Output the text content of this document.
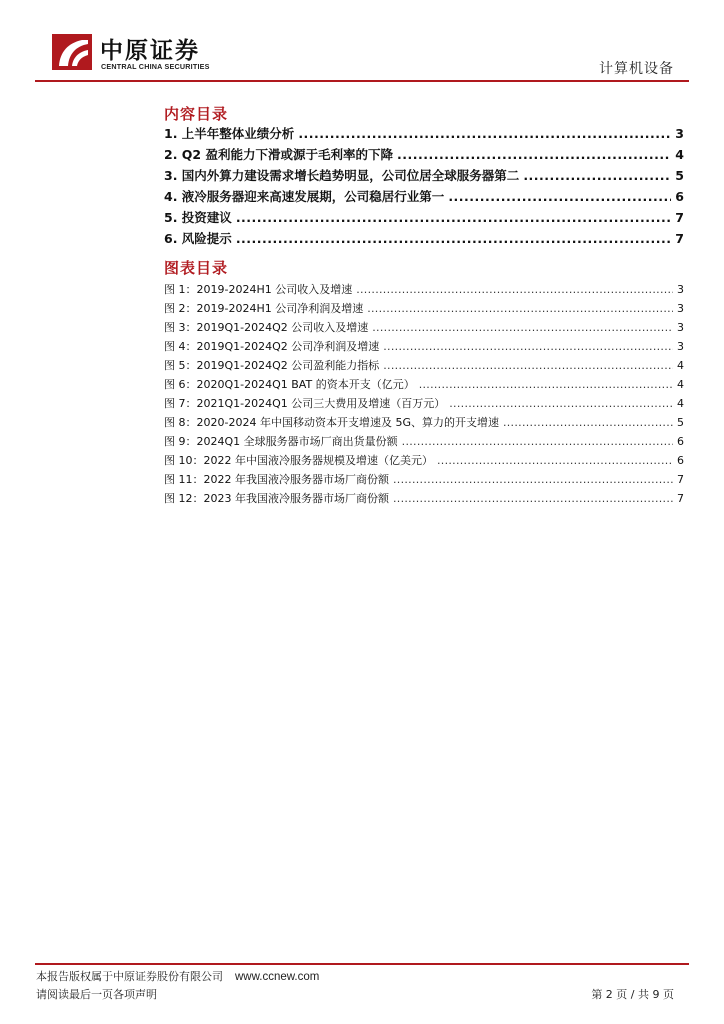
中原证券
CENTRAL CHINA SECURITIES	计算机设备
内容目录
1. 上半年整体业绩分析 .....	3
2. Q2 盈利能力下滑或源于毛利率的下降 .....	4
3. 国内外算力建设需求增长趋势明显，公司位居全球服务器第二 .....	5
4. 液冷服务器迎来高速发展期，公司稳居行业第一 .....	6
5. 投资建议 .....	7
6. 风险提示 .....	7
图表目录
图 1：2019-2024H1 公司收入及增速 .....	3
图 2：2019-2024H1 公司净利润及增速 .....	3
图 3：2019Q1-2024Q2 公司收入及增速 .....	3
图 4：2019Q1-2024Q2 公司净利润及增速 .....	3
图 5：2019Q1-2024Q2 公司盈利能力指标 .....	4
图 6：2020Q1-2024Q1 BAT 的资本开支（亿元） .....	4
图 7：2021Q1-2024Q1 公司三大费用及增速（百万元） .....	4
图 8：2020-2024 年中国移动资本开支增速及 5G、算力的开支增速 .....	5
图 9：2024Q1 全球服务器市场厂商出货量份额 .....	6
图 10：2022 年中国液冷服务器规模及增速（亿美元） .....	6
图 11：2022 年我国液冷服务器市场厂商份额 .....	7
图 12：2023 年我国液冷服务器市场厂商份额 .....	7
本报告版权属于中原证券股份有限公司 www.ccnew.com
请阅读最后一页各项声明	第 2 页 / 共 9 页
